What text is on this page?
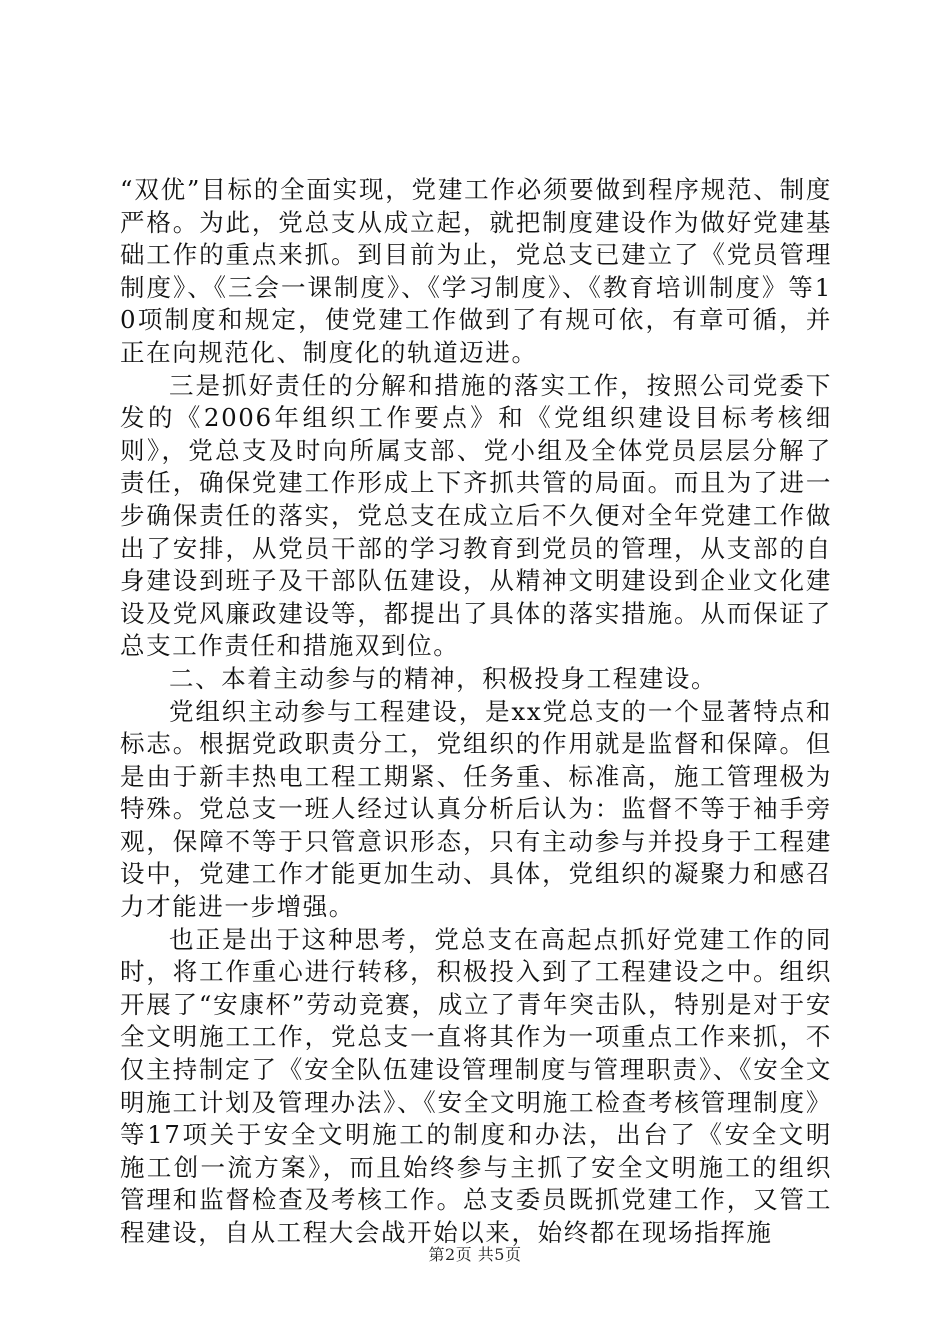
“双优”目标的全面实现，党建工作必须要做到程序规范、制度严格。为此，党总支从成立起，就把制度建设作为做好党建基础工作的重点来抓。到目前为止，党总支已建立了《党员管理制度》、《三会一课制度》、《学习制度》、《教育培训制度》等10项制度和规定，使党建工作做到了有规可依，有章可循，并正在向规范化、制度化的轨道迈进。

三是抓好责任的分解和措施的落实工作，按照公司党委下发的《2006年组织工作要点》和《党组织建设目标考核细则》，党总支及时向所属支部、党小组及全体党员层层分解了责任，确保党建工作形成上下齐抓共管的局面。而且为了进一步确保责任的落实，党总支在成立后不久便对全年党建工作做出了安排，从党员干部的学习教育到党员的管理，从支部的自身建设到班子及干部队伍建设，从精神文明建设到企业文化建设及党风廉政建设等，都提出了具体的落实措施。从而保证了总支工作责任和措施双到位。

二、本着主动参与的精神，积极投身工程建设。

党组织主动参与工程建设，是xx党总支的一个显著特点和标志。根据党政职责分工，党组织的作用就是监督和保障。但是由于新丰热电工程工期紧、任务重、标准高，施工管理极为特殊。党总支一班人经过认真分析后认为：监督不等于袖手旁观，保障不等于只管意识形态，只有主动参与并投身于工程建设中，党建工作才能更加生动、具体，党组织的凝聚力和感召力才能进一步增强。

也正是出于这种思考，党总支在高起点抓好党建工作的同时，将工作重心进行转移，积极投入到了工程建设之中。组织开展了“安康杯”劳动竞赛，成立了青年突击队，特别是对于安全文明施工工作，党总支一直将其作为一项重点工作来抓，不仅主持制定了《安全队伍建设管理制度与管理职责》、《安全文明施工计划及管理办法》、《安全文明施工检查考核管理制度》等17项关于安全文明施工的制度和办法，出台了《安全文明施工创一流方案》，而且始终参与主抓了安全文明施工的组织管理和监督检查及考核工作。总支委员既抓党建工作，又管工程建设，自从工程大会战开始以来，始终都在现场指挥施

第2页 共5页
